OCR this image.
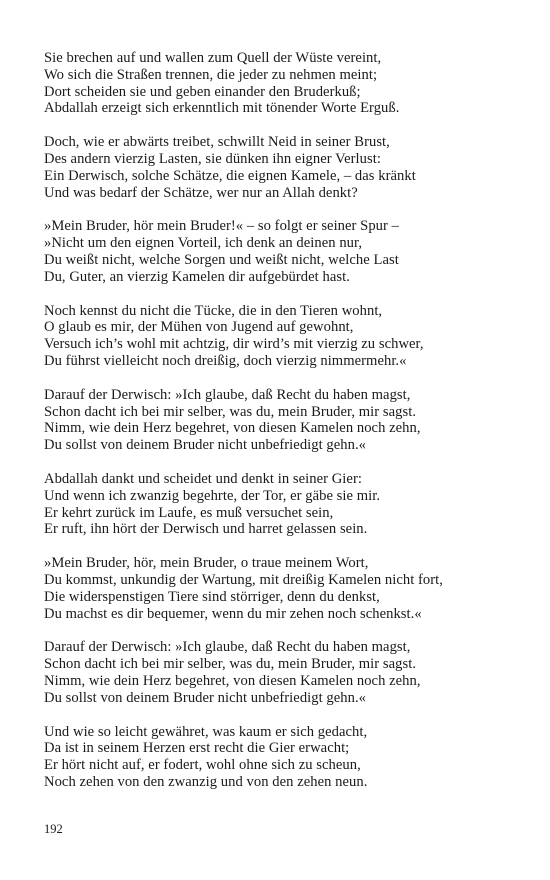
Sie brechen auf und wallen zum Quell der Wüste vereint,
Wo sich die Straßen trennen, die jeder zu nehmen meint;
Dort scheiden sie und geben einander den Bruderkuß;
Abdallah erzeigt sich erkenntlich mit tönender Worte Erguß.
Doch, wie er abwärts treibet, schwillt Neid in seiner Brust,
Des andern vierzig Lasten, sie dünken ihn eigner Verlust:
Ein Derwisch, solche Schätze, die eignen Kamele, – das kränkt
Und was bedarf der Schätze, wer nur an Allah denkt?
»Mein Bruder, hör mein Bruder!« – so folgt er seiner Spur –
»Nicht um den eignen Vorteil, ich denk an deinen nur,
Du weißt nicht, welche Sorgen und weißt nicht, welche Last
Du, Guter, an vierzig Kamelen dir aufgebürdet hast.
Noch kennst du nicht die Tücke, die in den Tieren wohnt,
O glaub es mir, der Mühen von Jugend auf gewohnt,
Versuch ich’s wohl mit achtzig, dir wird’s mit vierzig zu schwer,
Du führst vielleicht noch dreißig, doch vierzig nimmermehr.«
Darauf der Derwisch: »Ich glaube, daß Recht du haben magst,
Schon dacht ich bei mir selber, was du, mein Bruder, mir sagst.
Nimm, wie dein Herz begehret, von diesen Kamelen noch zehn,
Du sollst von deinem Bruder nicht unbefriedigt gehn.«
Abdallah dankt und scheidet und denkt in seiner Gier:
Und wenn ich zwanzig begehrte, der Tor, er gäbe sie mir.
Er kehrt zurück im Laufe, es muß versuchet sein,
Er ruft, ihn hört der Derwisch und harret gelassen sein.
»Mein Bruder, hör, mein Bruder, o traue meinem Wort,
Du kommst, unkundig der Wartung, mit dreißig Kamelen nicht fort,
Die widerspenstigen Tiere sind störriger, denn du denkst,
Du machst es dir bequemer, wenn du mir zehen noch schenkst.«
Darauf der Derwisch: »Ich glaube, daß Recht du haben magst,
Schon dacht ich bei mir selber, was du, mein Bruder, mir sagst.
Nimm, wie dein Herz begehret, von diesen Kamelen noch zehn,
Du sollst von deinem Bruder nicht unbefriedigt gehn.«
Und wie so leicht gewähret, was kaum er sich gedacht,
Da ist in seinem Herzen erst recht die Gier erwacht;
Er hört nicht auf, er fodert, wohl ohne sich zu scheun,
Noch zehen von den zwanzig und von den zehen neun.
192
